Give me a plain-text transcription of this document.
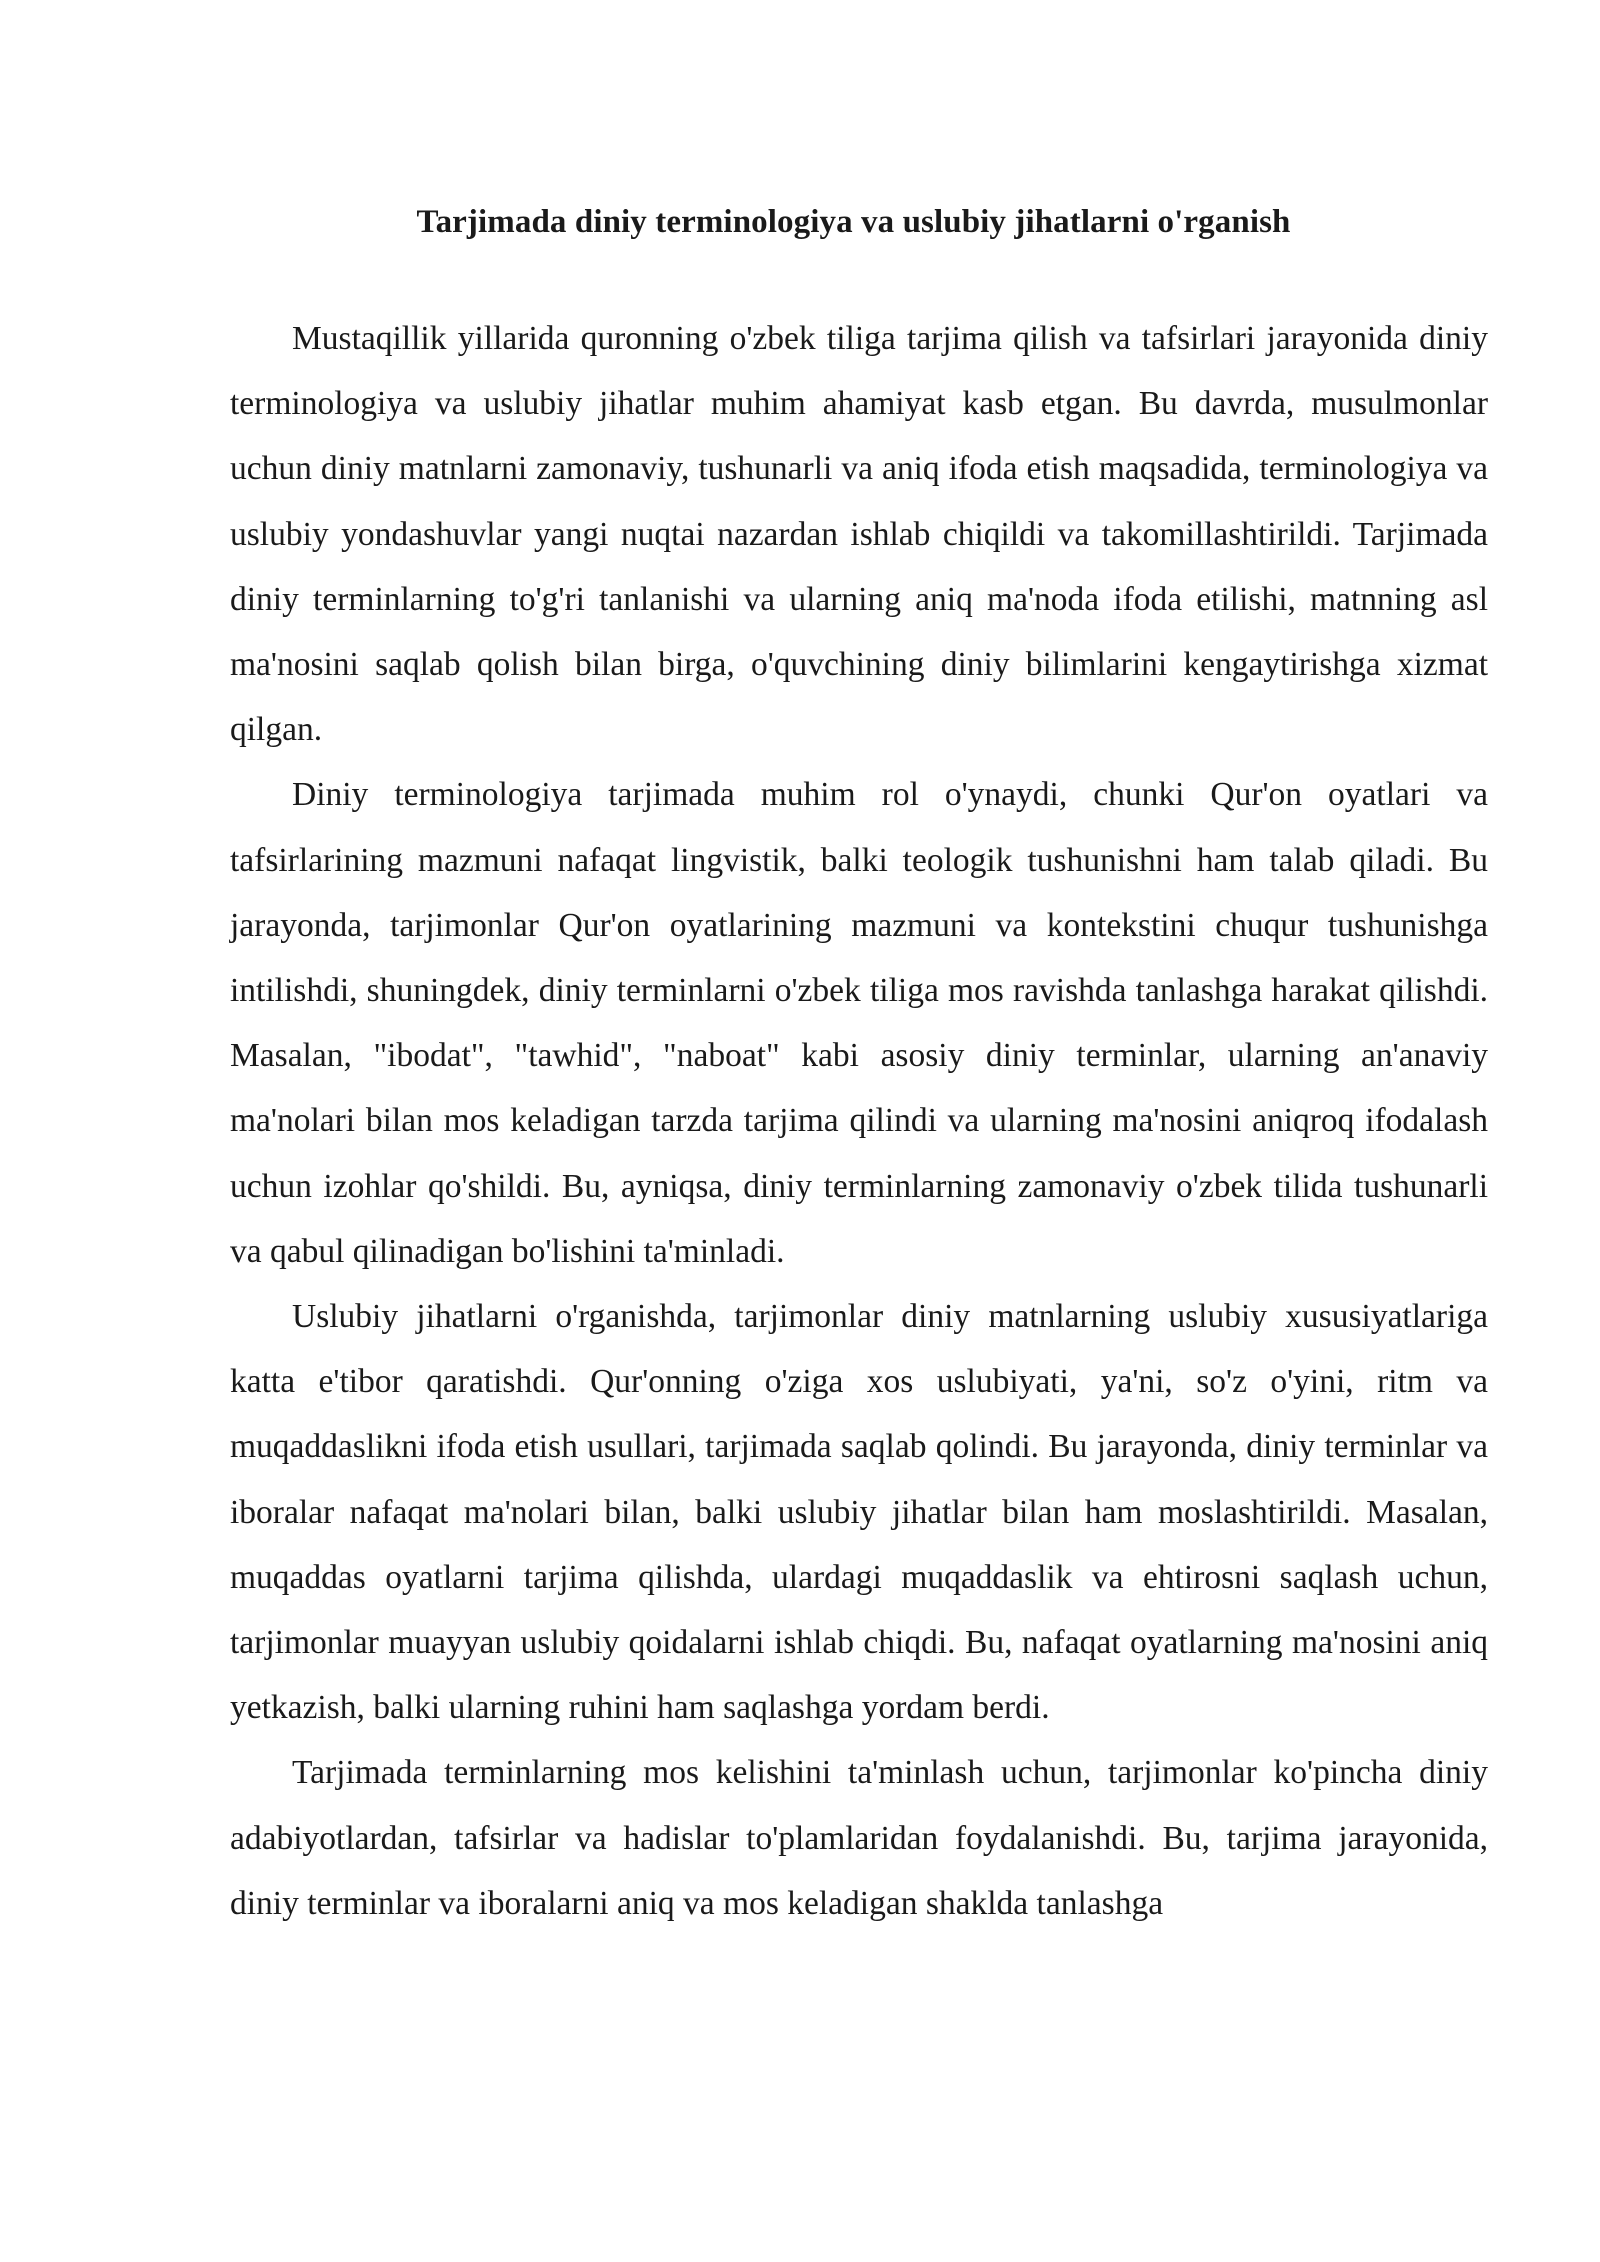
Tarjimada diniy terminologiya va uslubiy jihatlarni o'rganish

Mustaqillik yillarida quronning o'zbek tiliga tarjima qilish va tafsirlari jarayonida diniy terminologiya va uslubiy jihatlar muhim ahamiyat kasb etgan. Bu davrda, musulmonlar uchun diniy matnlarni zamonaviy, tushunarli va aniq ifoda etish maqsadida, terminologiya va uslubiy yondashuvlar yangi nuqtai nazardan ishlab chiqildi va takomillashtirildi. Tarjimada diniy terminlarning to'g'ri tanlanishi va ularning aniq ma'noda ifoda etilishi, matnning asl ma'nosini saqlab qolish bilan birga, o'quvchining diniy bilimlarini kengaytirishga xizmat qilgan.

Diniy terminologiya tarjimada muhim rol o'ynaydi, chunki Qur'on oyatlari va tafsirlarining mazmuni nafaqat lingvistik, balki teologik tushunishni ham talab qiladi. Bu jarayonda, tarjimonlar Qur'on oyatlarining mazmuni va kontekstini chuqur tushunishga intilishdi, shuningdek, diniy terminlarni o'zbek tiliga mos ravishda tanlashga harakat qilishdi. Masalan, "ibodat", "tawhid", "naboat" kabi asosiy diniy terminlar, ularning an'anaviy ma'nolari bilan mos keladigan tarzda tarjima qilindi va ularning ma'nosini aniqroq ifodalash uchun izohlar qo'shildi. Bu, ayniqsa, diniy terminlarning zamonaviy o'zbek tilida tushunarli va qabul qilinadigan bo'lishini ta'minladi.

Uslubiy jihatlarni o'rganishda, tarjimonlar diniy matnlarning uslubiy xususiyatlariga katta e'tibor qaratishdi. Qur'onning o'ziga xos uslubiyati, ya'ni, so'z o'yini, ritm va muqaddaslikni ifoda etish usullari, tarjimada saqlab qolindi. Bu jarayonda, diniy terminlar va iboralar nafaqat ma'nolari bilan, balki uslubiy jihatlar bilan ham moslashtirildi. Masalan, muqaddas oyatlarni tarjima qilishda, ulardagi muqaddaslik va ehtirosni saqlash uchun, tarjimonlar muayyan uslubiy qoidalarni ishlab chiqdi. Bu, nafaqat oyatlarning ma'nosini aniq yetkazish, balki ularning ruhini ham saqlashga yordam berdi.

Tarjimada terminlarning mos kelishini ta'minlash uchun, tarjimonlar ko'pincha diniy adabiyotlardan, tafsirlar va hadislar to'plamlaridan foydalanishdi. Bu, tarjima jarayonida, diniy terminlar va iboralarni aniq va mos keladigan shaklda tanlashga
